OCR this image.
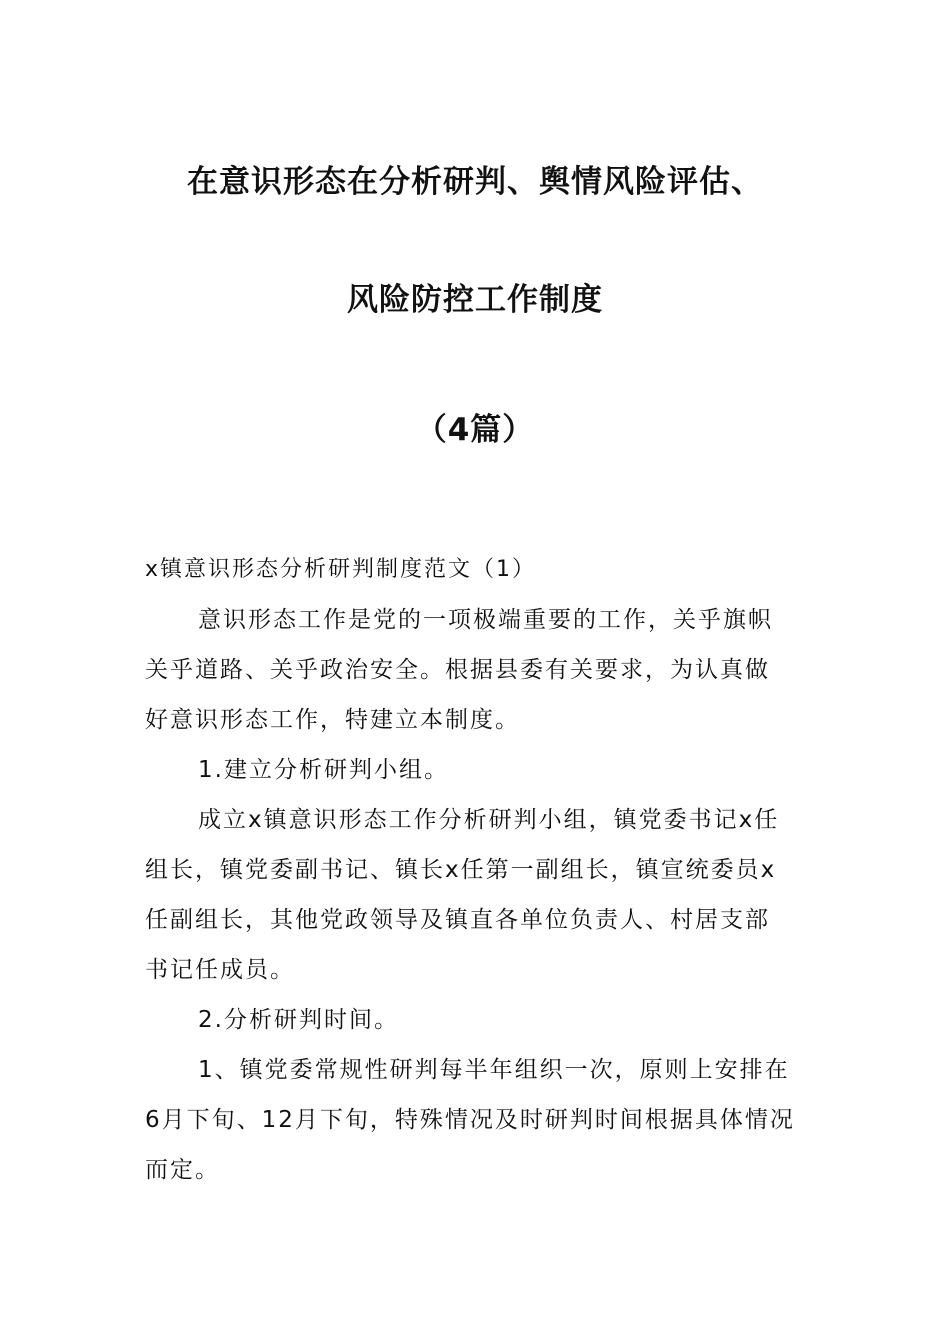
在意识形态在分析研判、舆情风险评估、
风险防控工作制度
（4篇）
x镇意识形态分析研判制度范文（1）
意识形态工作是党的一项极端重要的工作，关乎旗帜
关乎道路、关乎政治安全。根据县委有关要求，为认真做
好意识形态工作，特建立本制度。
1.建立分析研判小组。
成立x镇意识形态工作分析研判小组，镇党委书记x任
组长，镇党委副书记、镇长x任第一副组长，镇宣统委员x
任副组长，其他党政领导及镇直各单位负责人、村居支部
书记任成员。
2.分析研判时间。
1、镇党委常规性研判每半年组织一次，原则上安排在
6月下旬、12月下旬，特殊情况及时研判时间根据具体情况
而定。
